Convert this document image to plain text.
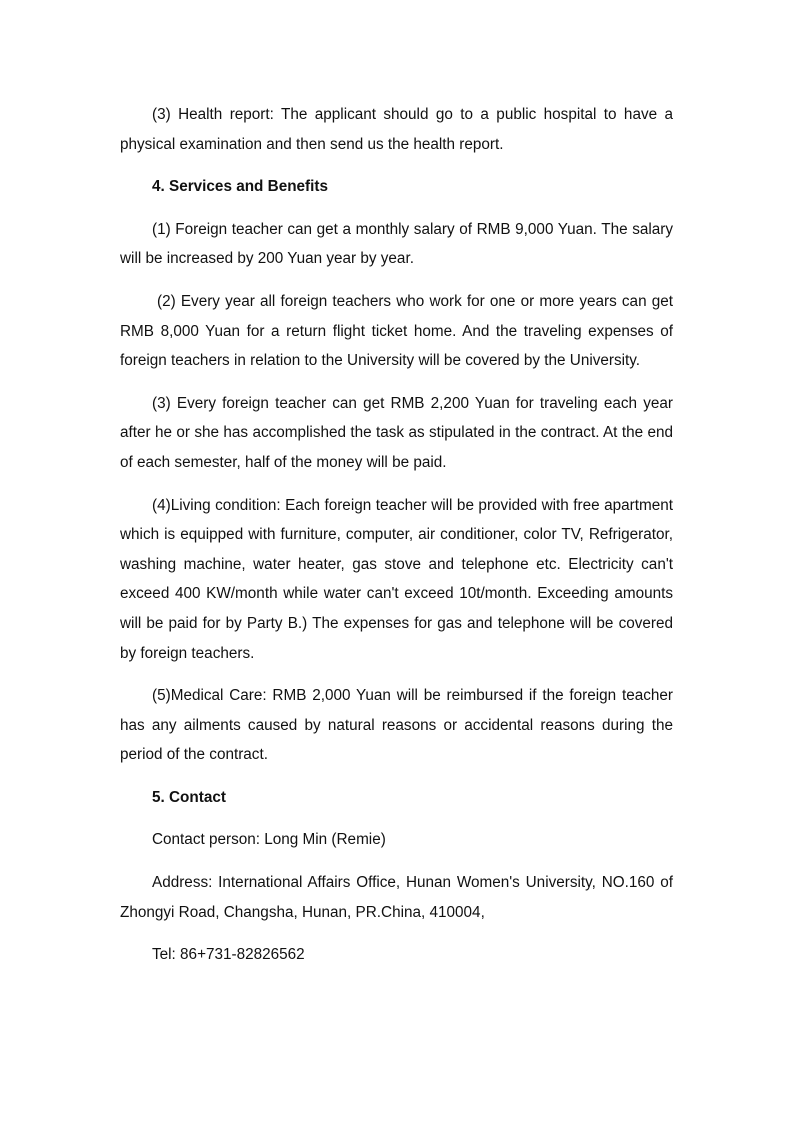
(3) Health report: The applicant should go to a public hospital to have a physical examination and then send us the health report.

4. Services and Benefits

(1) Foreign teacher can get a monthly salary of RMB 9,000 Yuan. The salary will be increased by 200 Yuan year by year.

(2) Every year all foreign teachers who work for one or more years can get RMB 8,000 Yuan for a return flight ticket home. And the traveling expenses of foreign teachers in relation to the University will be covered by the University.

(3) Every foreign teacher can get RMB 2,200 Yuan for traveling each year after he or she has accomplished the task as stipulated in the contract. At the end of each semester, half of the money will be paid.

(4)Living condition: Each foreign teacher will be provided with free apartment which is equipped with furniture, computer, air conditioner, color TV, Refrigerator, washing machine, water heater, gas stove and telephone etc. Electricity can't exceed 400 KW/month while water can't exceed 10t/month. Exceeding amounts will be paid for by Party B.) The expenses for gas and telephone will be covered by foreign teachers.

(5)Medical Care: RMB 2,000 Yuan will be reimbursed if the foreign teacher has any ailments caused by natural reasons or accidental reasons during the period of the contract.

5. Contact

Contact person: Long Min (Remie)

Address: International Affairs Office, Hunan Women's University, NO.160 of Zhongyi Road, Changsha, Hunan, PR.China, 410004,

Tel: 86+731-82826562
